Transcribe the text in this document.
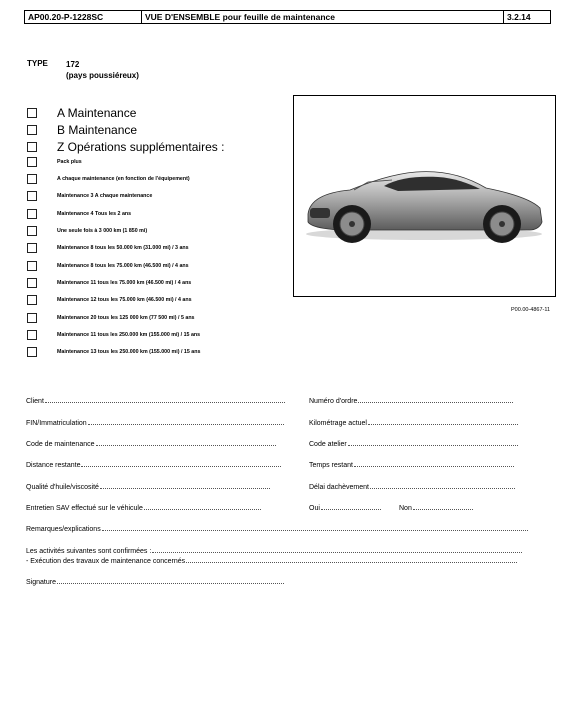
AP00.20-P-1228SC	VUE D'ENSEMBLE pour feuille de maintenance	3.2.14
TYPE 172
(pays poussiéreux)
A Maintenance
B Maintenance
Z Opérations supplémentaires :
Pack plus
A chaque maintenance (en fonction de l'équipement)
Maintenance 3 A chaque maintenance
Maintenance 4 Tous les 2 ans
Une seule fois à 3 000 km (1 850 mi)
Maintenance 8 tous les 50.000 km (31.000 mi) / 3 ans
Maintenance 8 tous les 75.000 km (46.500 mi) / 4 ans
Maintenance 11 tous les 75.000 km (46.500 mi) / 4 ans
Maintenance 12 tous les 75.000 km (46.500 mi) / 4 ans
Maintenance 20 tous les 125 000 km (77 500 mi) / 5 ans
Maintenance 11 tous les 250.000 km (155.000 mi) / 15 ans
Maintenance 13 tous les 250.000 km (155.000 mi) / 15 ans
P00.00-4867-11
Client	Numéro d'ordre
FIN/Immatriculation	Kilométrage actuel
Code de maintenance	Code atelier
Distance restante	Temps restant
Qualité d'huile/viscosité	Délai dachèvement
Entretien SAV effectué sur le véhicule	Oui	Non
Remarques/explications
Les activités suivantes sont confirmées :
- Exécution des travaux de maintenance concernés
Signature
